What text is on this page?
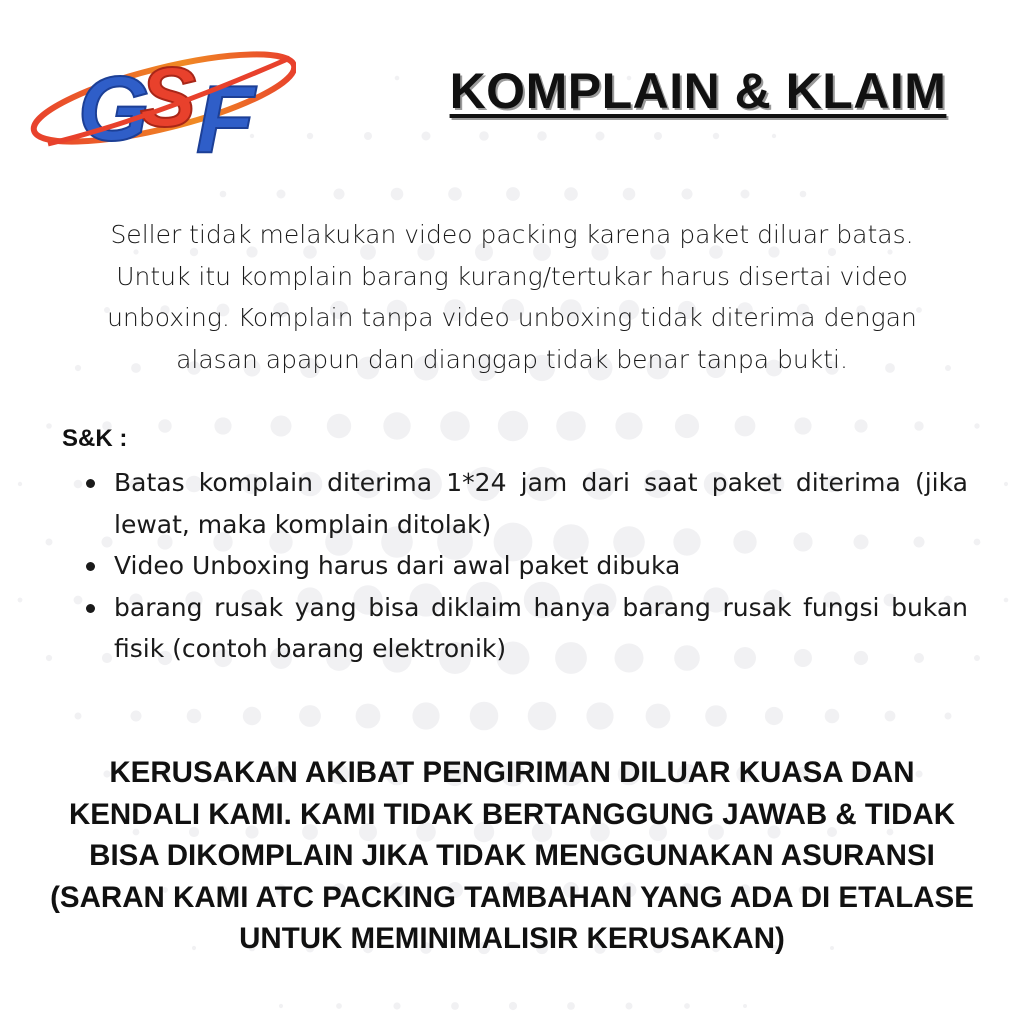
G
S F	KOMPLAIN & KLAIM
Seller tidak melakukan video packing karena paket diluar batas.
Untuk itu komplain barang kurang/tertukar harus disertai video
unboxing. Komplain tanpa video unboxing tidak diterima dengan
alasan apapun dan dianggap tidak benar tanpa bukti.
S&K :
Batas komplain diterima 1*24 jam dari saat paket diterima (jika
lewat, maka komplain ditolak)
Video Unboxing harus dari awal paket dibuka
barang rusak yang bisa diklaim hanya barang rusak fungsi bukan
fisik (contoh barang elektronik)
KERUSAKAN AKIBAT PENGIRIMAN DILUAR KUASA DAN
KENDALI KAMI. KAMI TIDAK BERTANGGUNG JAWAB & TIDAK
BISA DIKOMPLAIN JIKA TIDAK MENGGUNAKAN ASURANSI
(SARAN KAMI ATC PACKING TAMBAHAN YANG ADA DI ETALASE
UNTUK MEMINIMALISIR KERUSAKAN)
